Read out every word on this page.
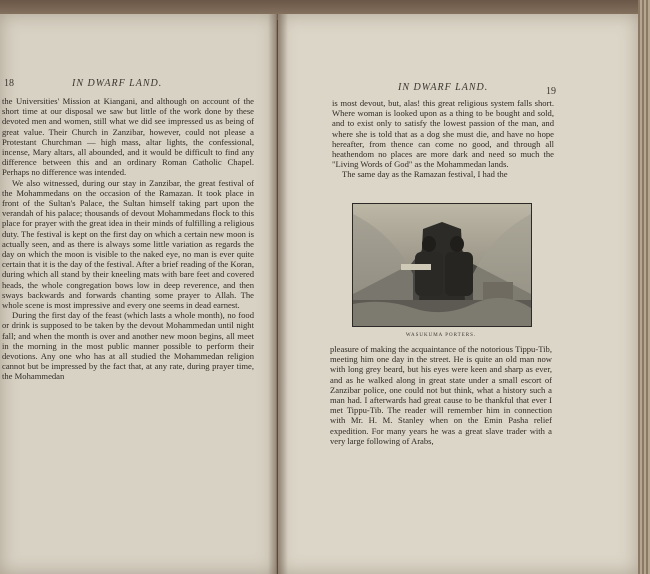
18	IN DWARF LAND.

the Universities' Mission at Kiangani, and although on account of the short time at our disposal we saw but little of the work done by these devoted men and women, still what we did see impressed us as being of great value. Their Church in Zanzibar, however, could not please a Protestant Churchman — high mass, altar lights, the confessional, incense, Mary altars, all abounded, and it would be difficult to find any difference between this and an ordinary Roman Catholic Chapel. Perhaps no difference was intended.

We also witnessed, during our stay in Zanzibar, the great festival of the Mohammedans on the occasion of the Ramazan. It took place in front of the Sultan's Palace, the Sultan himself taking part upon the verandah of his palace; thousands of devout Mohammedans flock to this place for prayer with the great idea in their minds of fulfilling a religious duty. The festival is kept on the first day on which a certain new moon is actually seen, and as there is always some little variation as regards the day on which the moon is visible to the naked eye, no man is ever quite certain that it is the day of the festival. After a brief reading of the Koran, during which all stand by their kneeling mats with bare feet and covered heads, the whole congregation bows low in deep reverence, and then sways backwards and forwards chanting some prayer to Allah. The whole scene is most impressive and every one seems in dead earnest.

During the first day of the feast (which lasts a whole month), no food or drink is supposed to be taken by the devout Mohammedan until night fall; and when the month is over and another new moon begins, all meet in the morning in the most public manner possible to perform their devotions. Any one who has at all studied the Mohammedan religion cannot but be impressed by the fact that, at any rate, during prayer time, the Mohammedan

IN DWARF LAND.	19

is most devout, but, alas! this great religious system falls short. Where woman is looked upon as a thing to be bought and sold, and to exist only to satisfy the lowest passion of the man, and where she is told that as a dog she must die, and have no hope hereafter, from thence can come no good, and through all heathendom no places are more dark and need so much the "Living Words of God" as the Mohammedan lands.

The same day as the Ramazan festival, I had the

WASUKUMA PORTERS.

pleasure of making the acquaintance of the notorious Tippu-Tib, meeting him one day in the street. He is quite an old man now with long grey beard, but his eyes were keen and sharp as ever, and as he walked along in great state under a small escort of Zanzibar police, one could not but think, what a history such a man had. I afterwards had great cause to be thankful that ever I met Tippu-Tib. The reader will remember him in connection with Mr. H. M. Stanley when on the Emin Pasha relief expedition. For many years he was a great slave trader with a very large following of Arabs,
